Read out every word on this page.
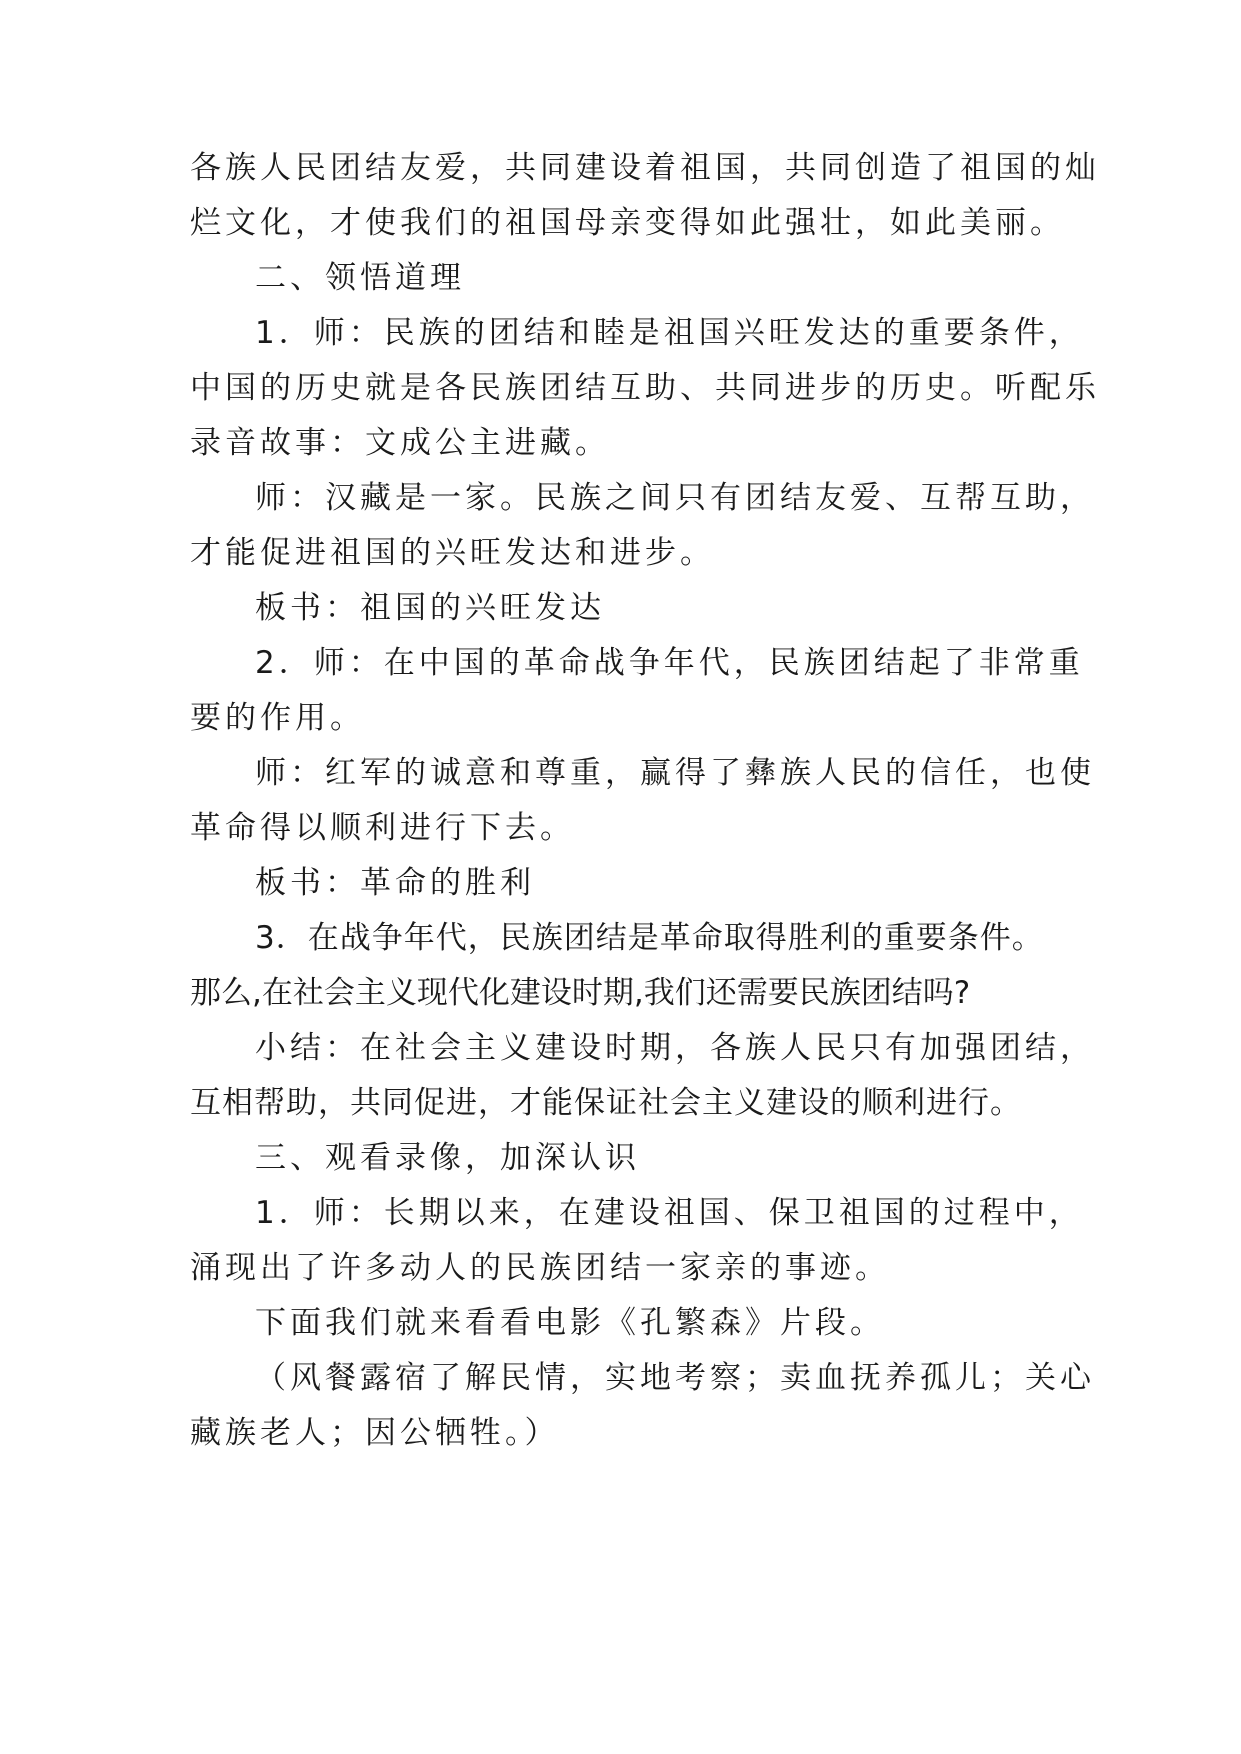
各族人民团结友爱，共同建设着祖国，共同创造了祖国的灿
烂文化，才使我们的祖国母亲变得如此强壮，如此美丽。
二、领悟道理
1．师：民族的团结和睦是祖国兴旺发达的重要条件，
中国的历史就是各民族团结互助、共同进步的历史。听配乐
录音故事：文成公主进藏。
师：汉藏是一家。民族之间只有团结友爱、互帮互助，
才能促进祖国的兴旺发达和进步。
板书：祖国的兴旺发达
2．师：在中国的革命战争年代，民族团结起了非常重
要的作用。
师：红军的诚意和尊重，赢得了彝族人民的信任，也使
革命得以顺利进行下去。
板书：革命的胜利
3．在战争年代，民族团结是革命取得胜利的重要条件。
那么,在社会主义现代化建设时期,我们还需要民族团结吗?
小结：在社会主义建设时期，各族人民只有加强团结，
互相帮助，共同促进，才能保证社会主义建设的顺利进行。
三、观看录像，加深认识
1．师：长期以来，在建设祖国、保卫祖国的过程中，
涌现出了许多动人的民族团结一家亲的事迹。
下面我们就来看看电影《孔繁森》片段。
（风餐露宿了解民情，实地考察；卖血抚养孤儿；关心
藏族老人；因公牺牲。）
